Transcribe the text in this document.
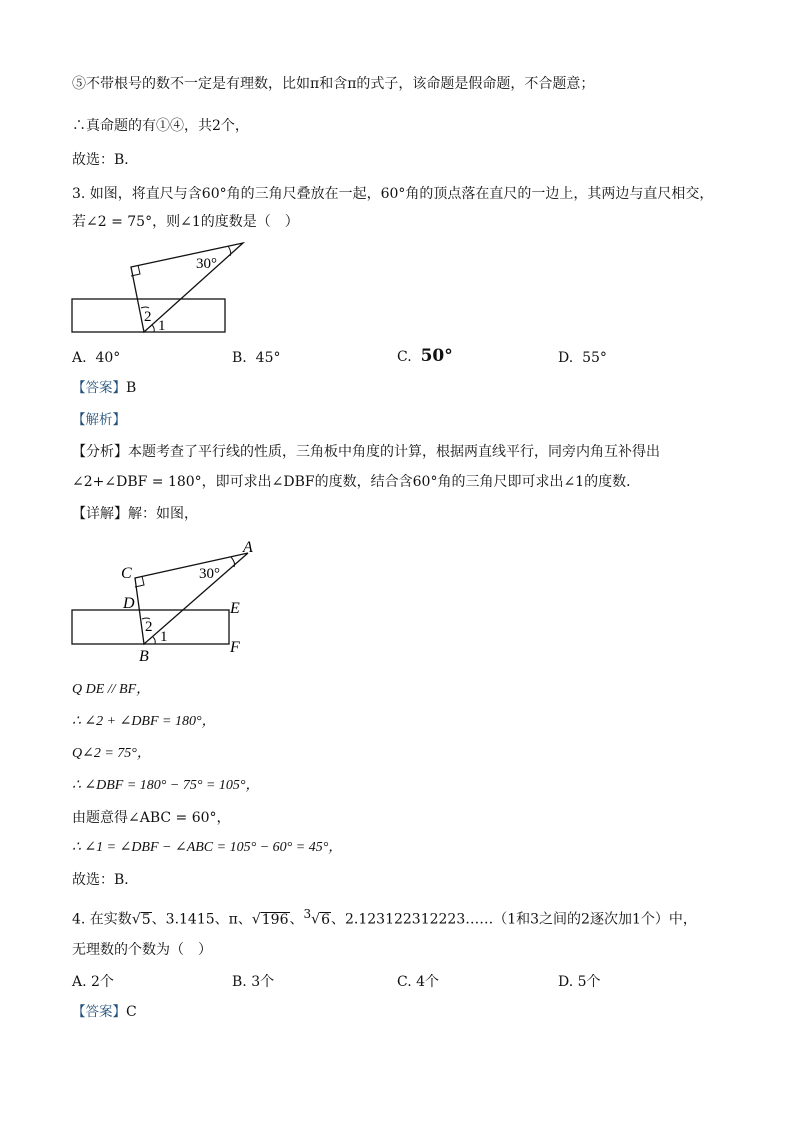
⑤不带根号的数不一定是有理数，比如π和含π的式子，该命题是假命题，不合题意；
∴真命题的有①④，共2个，
故选：B．
3. 如图，将直尺与含60°角的三角尺叠放在一起，60°角的顶点落在直尺的一边上，其两边与直尺相交，
若∠2 = 75°，则∠1的度数是（　）
30°
2
1
A. 40°	B. 45°	C. 50°	D. 55°
【答案】B
【解析】
【分析】本题考查了平行线的性质，三角板中角度的计算，根据两直线平行，同旁内角互补得出
∠2+∠DBF = 180°，即可求出∠DBF的度数，结合含60°角的三角尺即可求出∠1的度数．
【详解】解：如图，
A
C
D	E
B
F
30°
2
1
Q DE // BF，
∴ ∠2 + ∠DBF = 180°，
Q∠2 = 75°，
∴ ∠DBF = 180° − 75° = 105°，
由题意得∠ABC = 60°，
∴ ∠1 = ∠DBF − ∠ABC = 105° − 60° = 45°，
故选：B．
4. 在实数√5、3.1415、π、√196、$^3$√6、2.123122312223……（1和3之间的2逐次加1个）中，
无理数的个数为（　）
A. 2个	B. 3个	C. 4个	D. 5个
【答案】C
